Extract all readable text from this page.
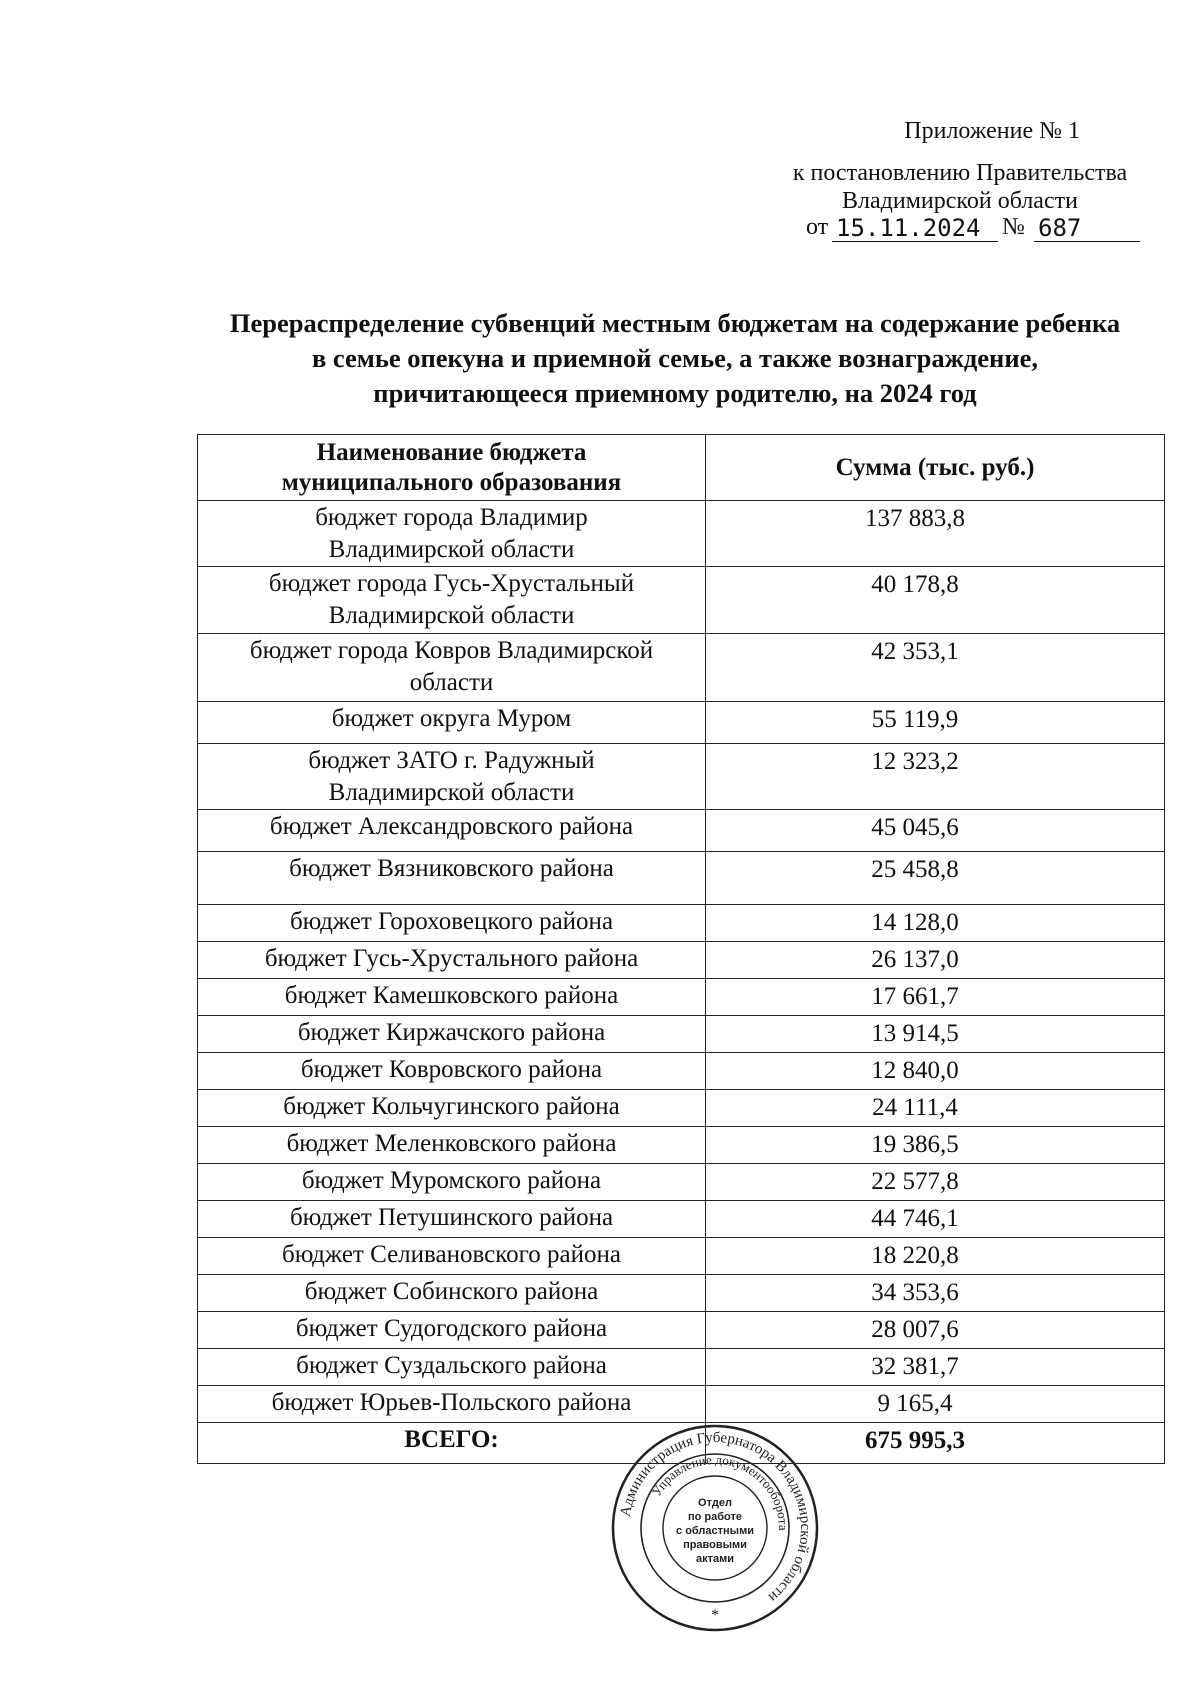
Приложение № 1
к постановлению Правительства
Владимирской области
от 15.11.2024 № 687
Перераспределение субвенций местным бюджетам на содержание ребенка
в семье опекуна и приемной семье, а также вознаграждение,
причитающееся приемному родителю, на 2024 год
Наименование бюджета
муниципального образования	Сумма (тыс. руб.)

бюджет города Владимир
Владимирской области	137 883,8

бюджет города Гусь-Хрустальный
Владимирской области	40 178,8

бюджет города Ковров Владимирской
области	42 353,1

бюджет округа Муром	55 119,9

бюджет ЗАТО г. Радужный
Владимирской области	12 323,2

бюджет Александровского района	45 045,6

бюджет Вязниковского района	25 458,8

бюджет Гороховецкого района	14 128,0

бюджет Гусь-Хрустального района	26 137,0

бюджет Камешковского района	17 661,7

бюджет Киржачского района	13 914,5

бюджет Ковровского района	12 840,0

бюджет Кольчугинского района	24 111,4

бюджет Меленковского района	19 386,5

бюджет Муромского района	22 577,8

бюджет Петушинского района	44 746,1

бюджет Селивановского района	18 220,8

бюджет Собинского района	34 353,6

бюджет Судогодского района	28 007,6

бюджет Суздальского района	32 381,7

бюджет Юрьев-Польского района	9 165,4
ВСЕГО:	675 995,3
Администрация Губернатора Владимирской области
Управление документооборота
Отдел
по работе
с областными
правовыми
актами
*
